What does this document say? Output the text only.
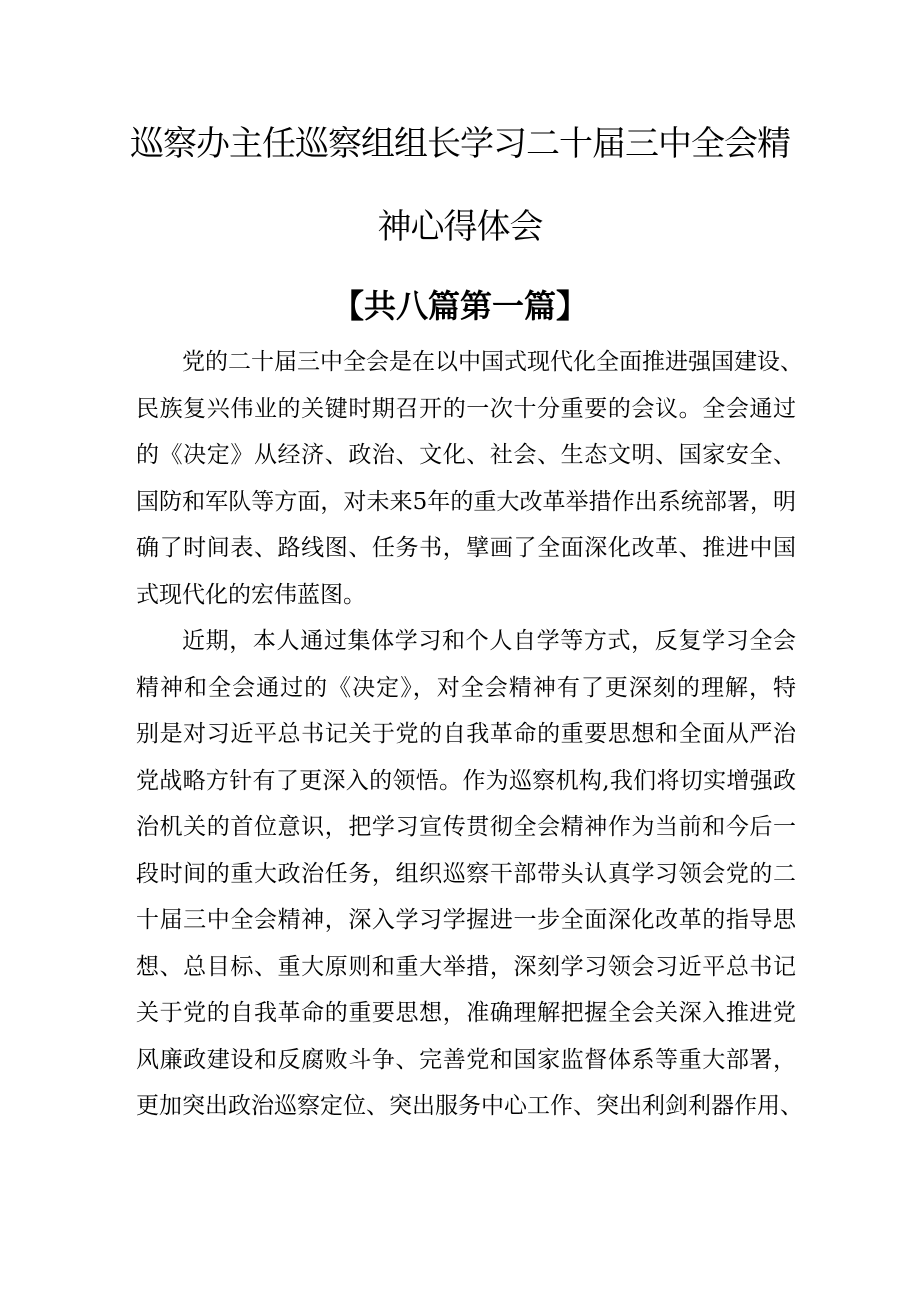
巡察办主任巡察组组长学习二十届三中全会精
神心得体会
【共八篇第一篇】
党的二十届三中全会是在以中国式现代化全面推进强国建设、
民族复兴伟业的关键时期召开的一次十分重要的会议。全会通过
的《决定》从经济、政治、文化、社会、生态文明、国家安全、
国防和军队等方面，对未来5年的重大改革举措作出系统部署，明
确了时间表、路线图、任务书，擘画了全面深化改革、推进中国
式现代化的宏伟蓝图。
近期，本人通过集体学习和个人自学等方式，反复学习全会
精神和全会通过的《决定》，对全会精神有了更深刻的理解，特
别是对习近平总书记关于党的自我革命的重要思想和全面从严治
党战略方针有了更深入的领悟。作为巡察机构,我们将切实增强政
治机关的首位意识，把学习宣传贯彻全会精神作为当前和今后一
段时间的重大政治任务，组织巡察干部带头认真学习领会党的二
十届三中全会精神，深入学习学握进一步全面深化改革的指导思
想、总目标、重大原则和重大举措，深刻学习领会习近平总书记
关于党的自我革命的重要思想，准确理解把握全会关深入推进党
风廉政建设和反腐败斗争、完善党和国家监督体系等重大部署，
更加突出政治巡察定位、突出服务中心工作、突出利剑利器作用、
